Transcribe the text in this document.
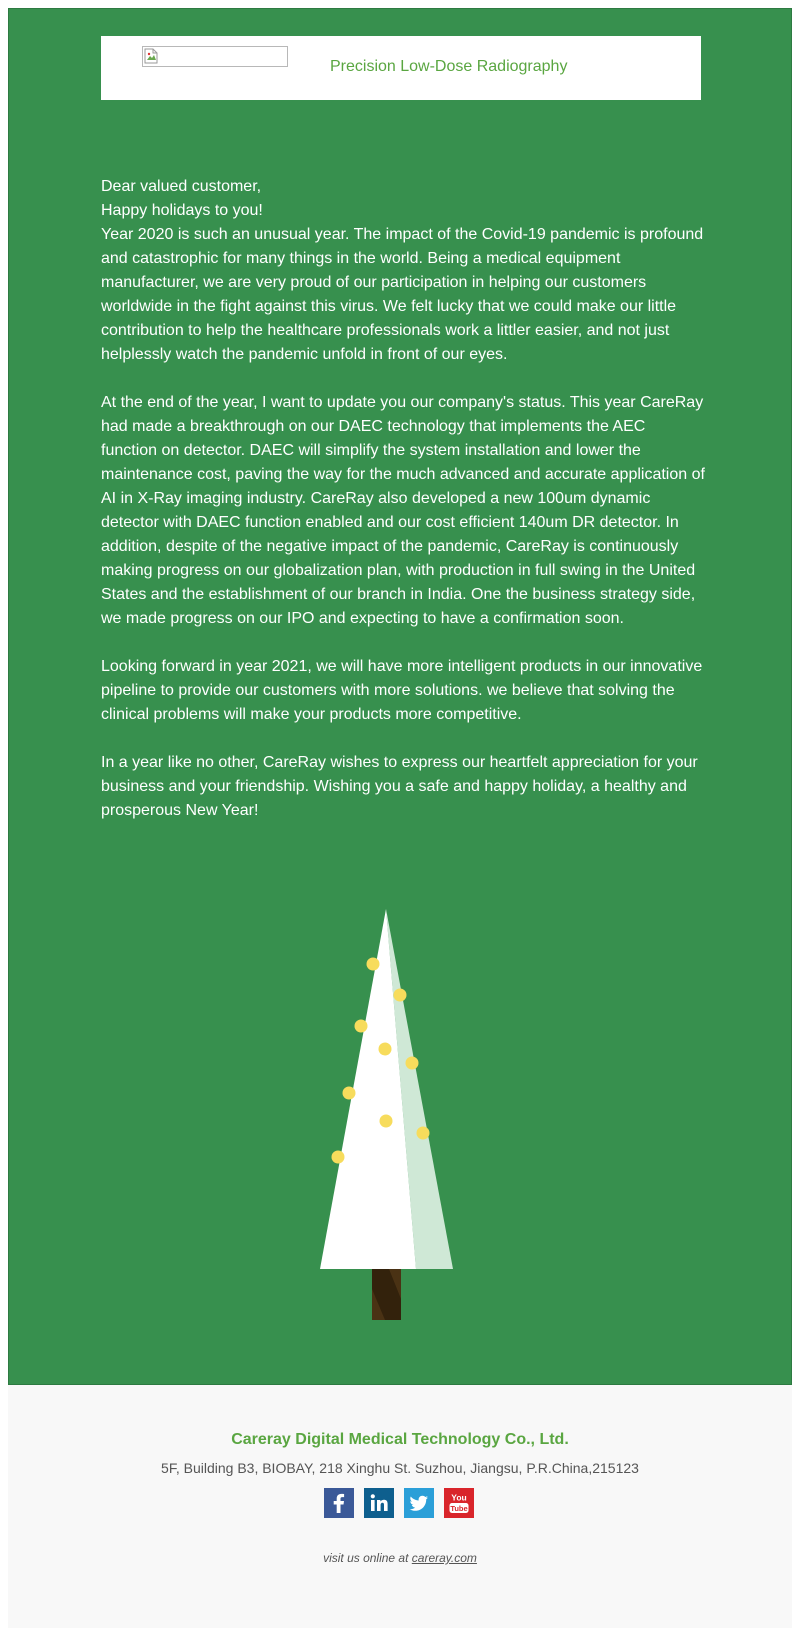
Precision Low-Dose Radiography

Dear valued customer,

Happy holidays to you!

Year 2020 is such an unusual year. The impact of the Covid-19 pandemic is profound and catastrophic for many things in the world. Being a medical equipment manufacturer, we are very proud of our participation in helping our customers worldwide in the fight against this virus. We felt lucky that we could make our little contribution to help the healthcare professionals work a littler easier, and not just helplessly watch the pandemic unfold in front of our eyes.

At the end of the year, I want to update you our company's status. This year CareRay had made a breakthrough on our DAEC technology that implements the AEC function on detector. DAEC will simplify the system installation and lower the maintenance cost, paving the way for the much advanced and accurate application of AI in X-Ray imaging industry. CareRay also developed a new 100um dynamic detector with DAEC function enabled and our cost efficient 140um DR detector. In addition, despite of the negative impact of the pandemic, CareRay is continuously making progress on our globalization plan, with production in full swing in the United States and the establishment of our branch in India. One the business strategy side, we made progress on our IPO and expecting to have a confirmation soon.

Looking forward in year 2021, we will have more intelligent products in our innovative pipeline to provide our customers with more solutions. we believe that solving the clinical problems will make your products more competitive.

In a year like no other, CareRay wishes to express our heartfelt appreciation for your business and your friendship. Wishing you a safe and happy holiday, a healthy and prosperous New Year!

Careray Digital Medical Technology Co., Ltd.
5F, Building B3, BIOBAY, 218 Xinghu St. Suzhou, Jiangsu, P.R.China,215123
You
Tube
visit us online at careray.com
